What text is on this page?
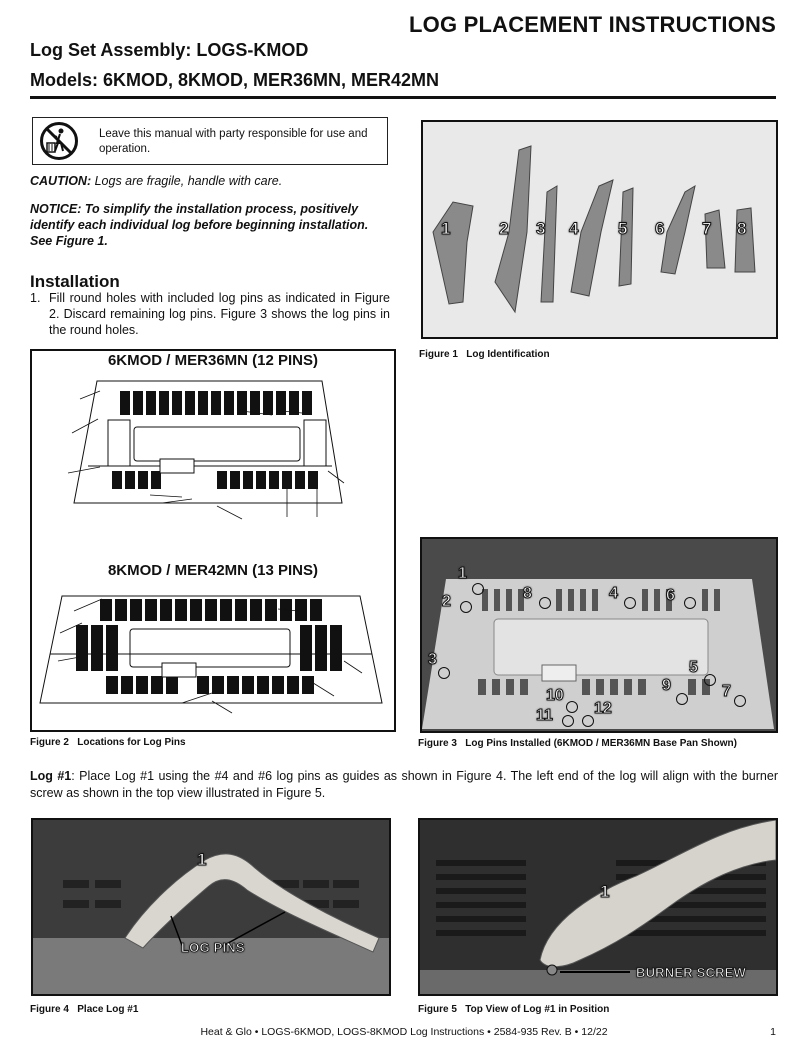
LOG PLACEMENT INSTRUCTIONS
Log Set Assembly: LOGS-KMOD
Models: 6KMOD, 8KMOD, MER36MN, MER42MN
Leave this manual with party responsible for use and operation.
CAUTION: Logs are fragile, handle with care.
NOTICE: To simplify the installation process, positively identify each individual log before beginning installation. See Figure 1.
Installation
1. Fill round holes with included log pins as indicated in Figure 2. Discard remaining log pins. Figure 3 shows the log pins in the round holes.
6KMOD / MER36MN (12 PINS)
8KMOD / MER42MN (13 PINS)
Figure 2 Locations for Log Pins
1	2 3 4 5 6 7 8
Figure 1 Log Identification
1
2	8	4	6
3	5
9	7
10
11	12
Figure 3 Log Pins Installed (6KMOD / MER36MN Base Pan Shown)
Log #1: Place Log #1 using the #4 and #6 log pins as guides as shown in Figure 4. The left end of the log will align with the burner screw as shown in the top view illustrated in Figure 5.
1
LOG PINS
Figure 4 Place Log #1
1
BURNER SCREW
Figure 5 Top View of Log #1 in Position
Heat & Glo • LOGS-6KMOD, LOGS-8KMOD Log Instructions • 2584-935 Rev. B • 12/22	1
